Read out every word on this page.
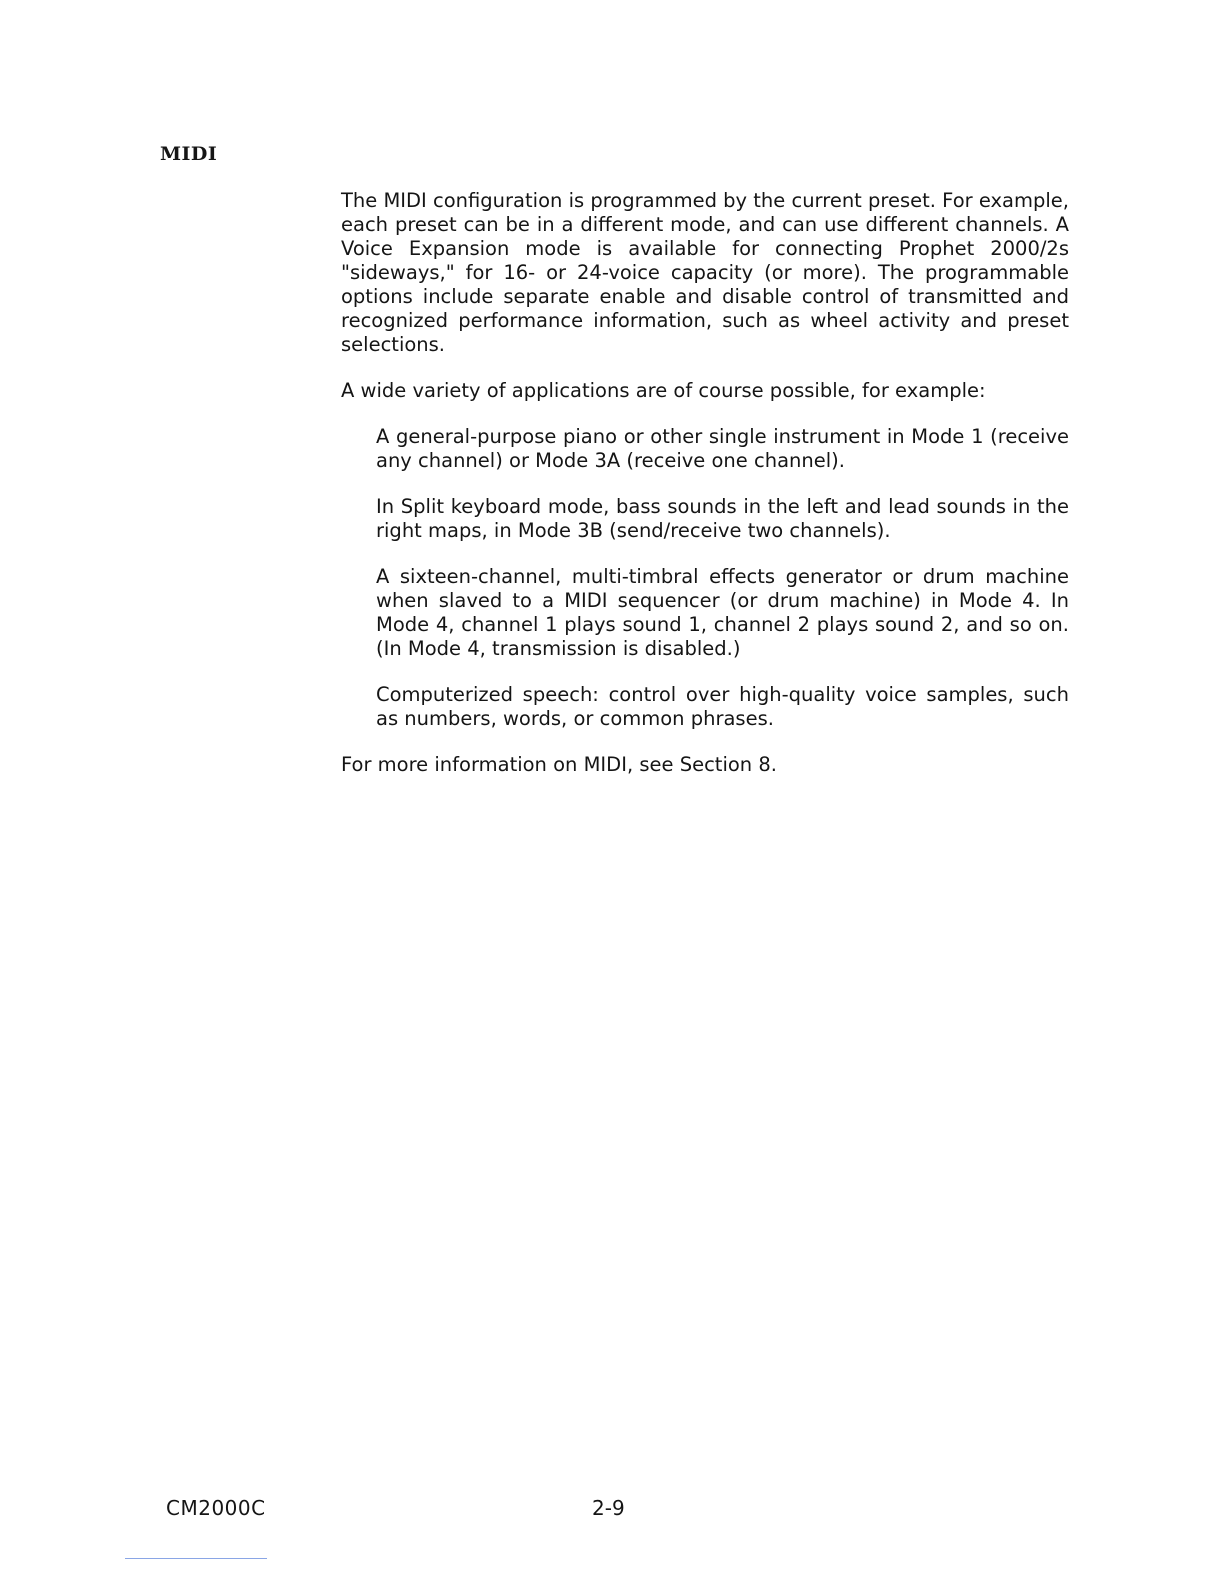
MIDI

The MIDI configuration is programmed by the current preset. For example, each preset can be in a different mode, and can use different channels. A Voice Expansion mode is available for connecting Prophet 2000/2s "sideways," for 16- or 24-voice capacity (or more). The programmable options include separate enable and disable control of transmitted and recognized performance information, such as wheel activity and preset selections.

A wide variety of applications are of course possible, for example:

A general-purpose piano or other single instrument in Mode 1 (receive any channel) or Mode 3A (receive one channel).

In Split keyboard mode, bass sounds in the left and lead sounds in the right maps, in Mode 3B (send/receive two channels).

A sixteen-channel, multi-timbral effects generator or drum machine when slaved to a MIDI sequencer (or drum machine) in Mode 4. In Mode 4, channel 1 plays sound 1, channel 2 plays sound 2, and so on. (In Mode 4, transmission is disabled.)

Computerized speech: control over high-quality voice samples, such as numbers, words, or common phrases.

For more information on MIDI, see Section 8.

CM2000C	2-9
